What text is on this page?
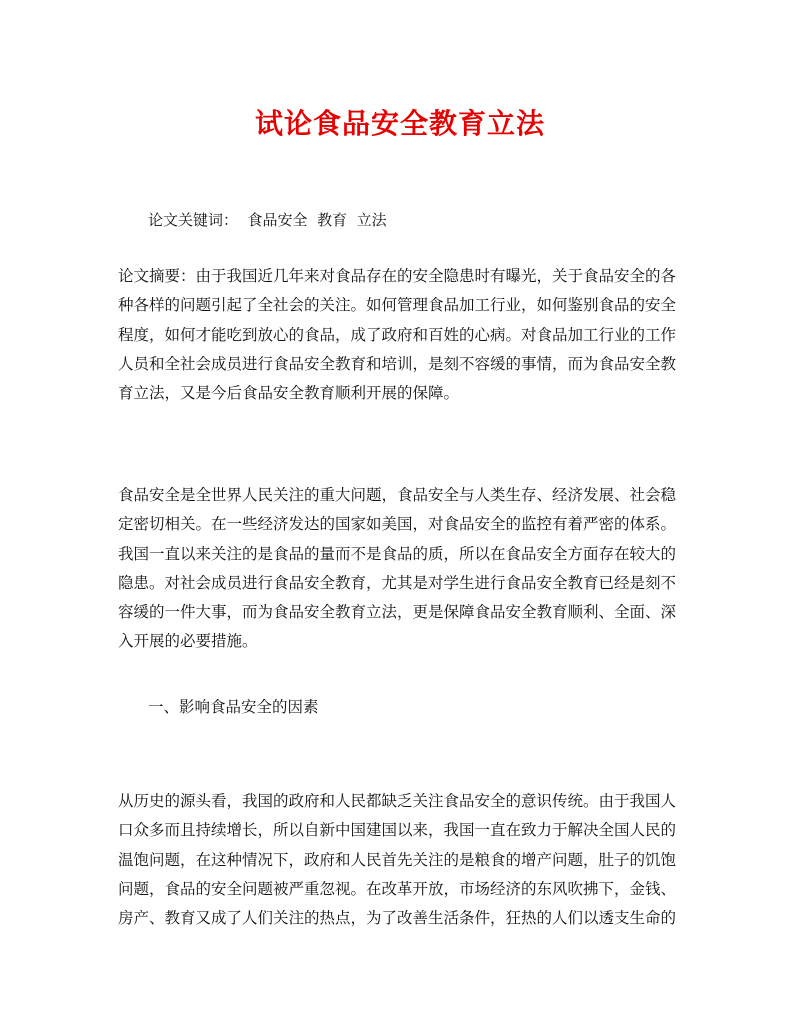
试论食品安全教育立法
论文关键词：  食品安全  教育  立法
论文摘要：由于我国近几年来对食品存在的安全隐患时有曝光，关于食品安全的各
种各样的问题引起了全社会的关注。如何管理食品加工行业，如何鉴别食品的安全
程度，如何才能吃到放心的食品，成了政府和百姓的心病。对食品加工行业的工作
人员和全社会成员进行食品安全教育和培训，是刻不容缓的事情，而为食品安全教
育立法，又是今后食品安全教育顺利开展的保障。
食品安全是全世界人民关注的重大问题，食品安全与人类生存、经济发展、社会稳
定密切相关。在一些经济发达的国家如美国，对食品安全的监控有着严密的体系。
我国一直以来关注的是食品的量而不是食品的质，所以在食品安全方面存在较大的
隐患。对社会成员进行食品安全教育，尤其是对学生进行食品安全教育已经是刻不
容缓的一件大事，而为食品安全教育立法，更是保障食品安全教育顺利、全面、深
入开展的必要措施。
一、影响食品安全的因素
从历史的源头看，我国的政府和人民都缺乏关注食品安全的意识传统。由于我国人
口众多而且持续增长，所以自新中国建国以来，我国一直在致力于解决全国人民的
温饱问题，在这种情况下，政府和人民首先关注的是粮食的增产问题，肚子的饥饱
问题，食品的安全问题被严重忽视。在改革开放，市场经济的东风吹拂下，金钱、
房产、教育又成了人们关注的热点，为了改善生活条件，狂热的人们以透支生命的
